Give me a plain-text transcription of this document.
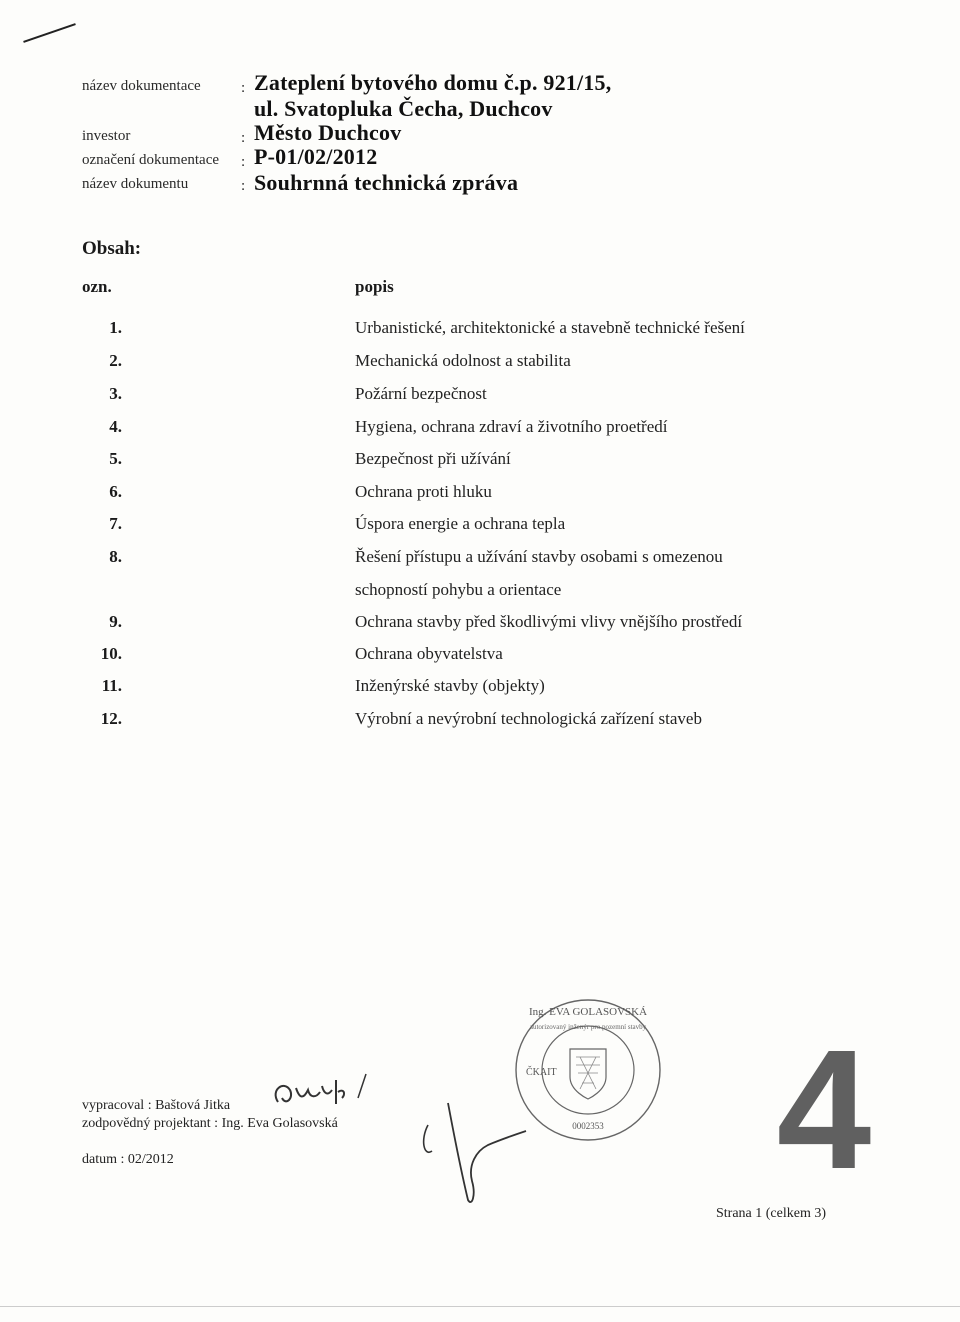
název dokumentace	: Zateplení bytového domu č.p. 921/15,
ul. Svatopluka Čecha, Duchcov
investor	: Město Duchcov
označení dokumentace : P-01/02/2012
název dokumentu	: Souhrnná technická zpráva
Obsah:
ozn.	popis
1.	Urbanistické, architektonické a stavebně technické řešení
2.	Mechanická odolnost a stabilita
3.	Požární bezpečnost
4.	Hygiena, ochrana zdraví a životního proetředí
5.	Bezpečnost při užívání
6.	Ochrana proti hluku
7.	Úspora energie a ochrana tepla
8.	Řešení přístupu a užívání stavby osobami s omezenou
schopností pohybu a orientace
9.	Ochrana stavby před škodlivými vlivy vnějšího prostředí
10.	Ochrana obyvatelstva
11.	Inženýrské stavby (objekty)
12.	Výrobní a nevýrobní technologická zařízení staveb
vypracoval : Baštová Jitka
zodpovědný projektant : Ing. Eva Golasovská
datum : 02/2012
Strana 1 (celkem 3)
Ing. EVA GOLASOVSKÁ
autorizovaný inženýr pro pozemní stavby
ČKAIT
0002353 4
